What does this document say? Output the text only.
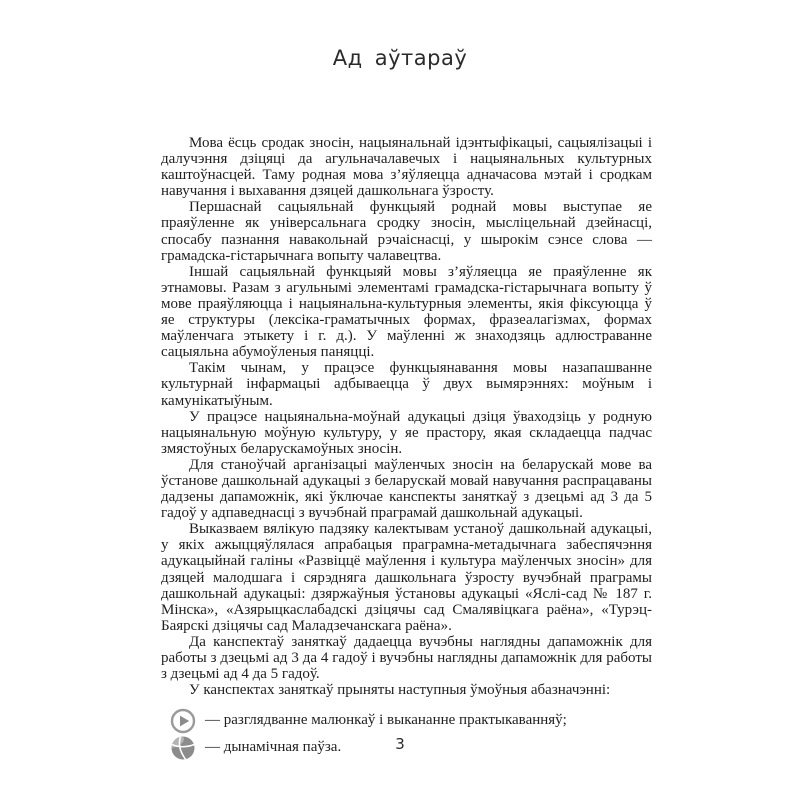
Ад аўтараў

Мова ёсць сродак зносін, нацыянальнай ідэнтыфікацыі, сацыялізацыі і далучэння дзіцяці да агульначалавечых і нацыянальных культурных каштоўнасцей. Таму родная мова з’яўляецца адначасова мэтай і сродкам навучання і выхавання дзяцей дашкольнага ўзросту.

Першаснай сацыяльнай функцыяй роднай мовы выступае яе праяўленне як універсальнага сродку зносін, мысліцельнай дзейнасці, спосабу пазнання навакольнай рэчаіснасці, у шырокім сэнсе слова — грамадска-гістарычнага вопыту чалавецтва.

Іншай сацыяльнай функцыяй мовы з’яўляецца яе праяўленне як этнамовы. Разам з агульнымі элементамі грамадска-гістарычнага вопыту ў мове праяўляюцца і нацыянальна-культурныя элементы, якія фіксуюцца ў яе структуры (лексіка-граматычных формах, фразеалагізмах, формах маўленчага этыкету і г. д.). У маўленні ж знаходзяць адлюстраванне сацыяльна абумоўленыя паняцці.

Такім чынам, у працэсе функцыянавання мовы назапашванне культурнай інфармацыі адбываецца ў двух вымярэннях: моўным і камунікатыўным.

У працэсе нацыянальна-моўнай адукацыі дзіця ўваходзіць у родную нацыянальную моўную культуру, у яе прастору, якая складаецца падчас змястоўных беларускамоўных зносін.

Для станоўчай арганізацыі маўленчых зносін на беларускай мове ва ўстанове дашкольнай адукацыі з беларускай мовай навучання распрацаваны дадзены дапаможнік, які ўключае канспекты заняткаў з дзецьмі ад 3 да 5 гадоў у адпаведнасці з вучэбнай праграмай дашкольнай адукацыі.

Выказваем вялікую падзяку калектывам устаноў дашкольнай адукацыі, у якіх ажыццяўлялася апрабацыя праграмна-метадычнага забеспячэння адукацыйнай галіны «Развіццё маўлення і культура маўленчых зносін» для дзяцей малодшага і сярэдняга дашкольнага ўзросту вучэбнай праграмы дашкольнай адукацыі: дзяржаўныя ўстановы адукацыі «Яслі-сад № 187 г. Мінска», «Азярыцкаслабадскі дзіцячы сад Смалявіцкага раёна», «Турэц-Баярскі дзіцячы сад Маладзечанскага раёна».

Да канспектаў заняткаў дадаецца вучэбны наглядны дапаможнік для работы з дзецьмі ад 3 да 4 гадоў і вучэбны наглядны дапаможнік для работы з дзецьмі ад 4 да 5 гадоў.

У канспектах заняткаў прыняты наступныя ўмоўныя абазначэнні:

— разглядванне малюнкаў і выкананне практыкаванняў;
— дынамічная паўза.	3
